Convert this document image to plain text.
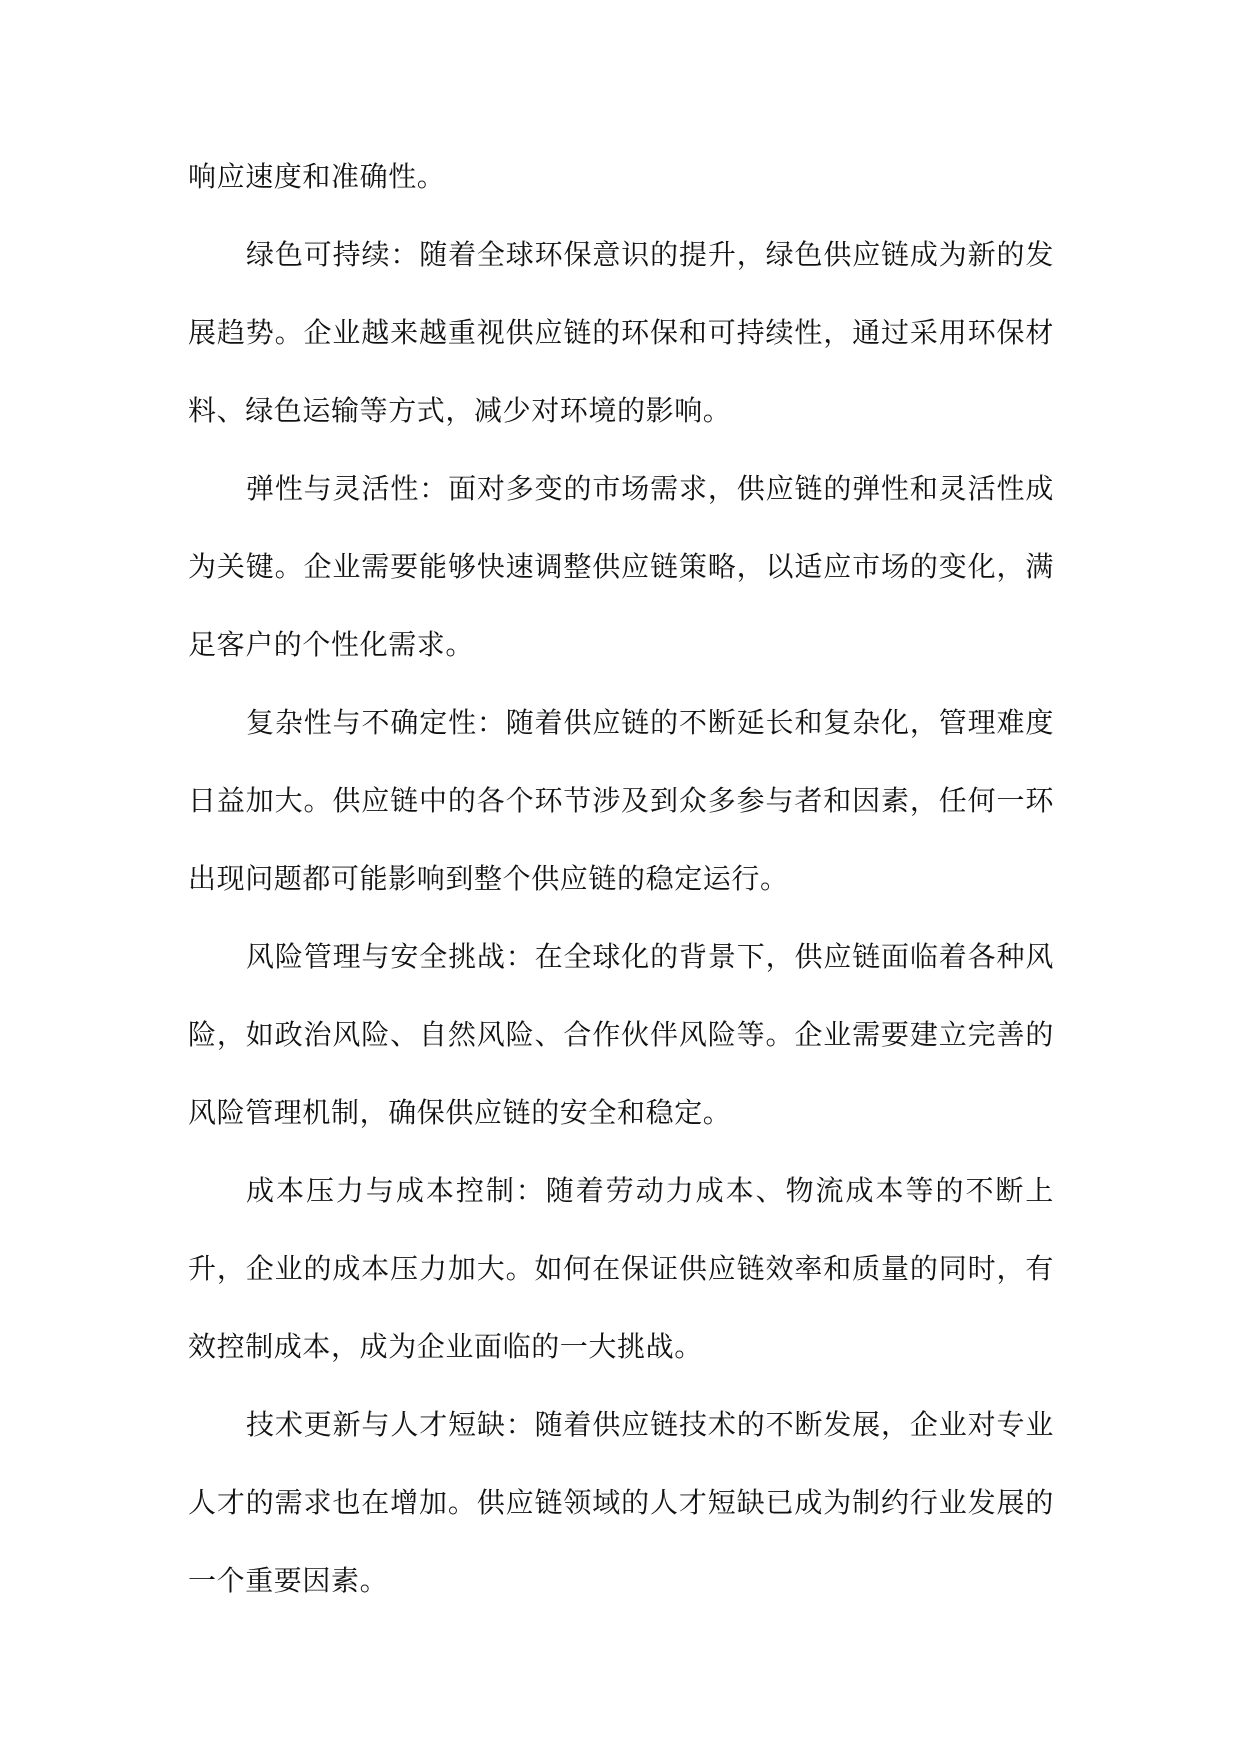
响应速度和准确性。

绿色可持续：随着全球环保意识的提升，绿色供应链成为新的发展趋势。企业越来越重视供应链的环保和可持续性，通过采用环保材料、绿色运输等方式，减少对环境的影响。

弹性与灵活性：面对多变的市场需求，供应链的弹性和灵活性成为关键。企业需要能够快速调整供应链策略，以适应市场的变化，满足客户的个性化需求。

复杂性与不确定性：随着供应链的不断延长和复杂化，管理难度日益加大。供应链中的各个环节涉及到众多参与者和因素，任何一环出现问题都可能影响到整个供应链的稳定运行。

风险管理与安全挑战：在全球化的背景下，供应链面临着各种风险，如政治风险、自然风险、合作伙伴风险等。企业需要建立完善的风险管理机制，确保供应链的安全和稳定。

成本压力与成本控制：随着劳动力成本、物流成本等的不断上升，企业的成本压力加大。如何在保证供应链效率和质量的同时，有效控制成本，成为企业面临的一大挑战。

技术更新与人才短缺：随着供应链技术的不断发展，企业对专业人才的需求也在增加。供应链领域的人才短缺已成为制约行业发展的一个重要因素。
